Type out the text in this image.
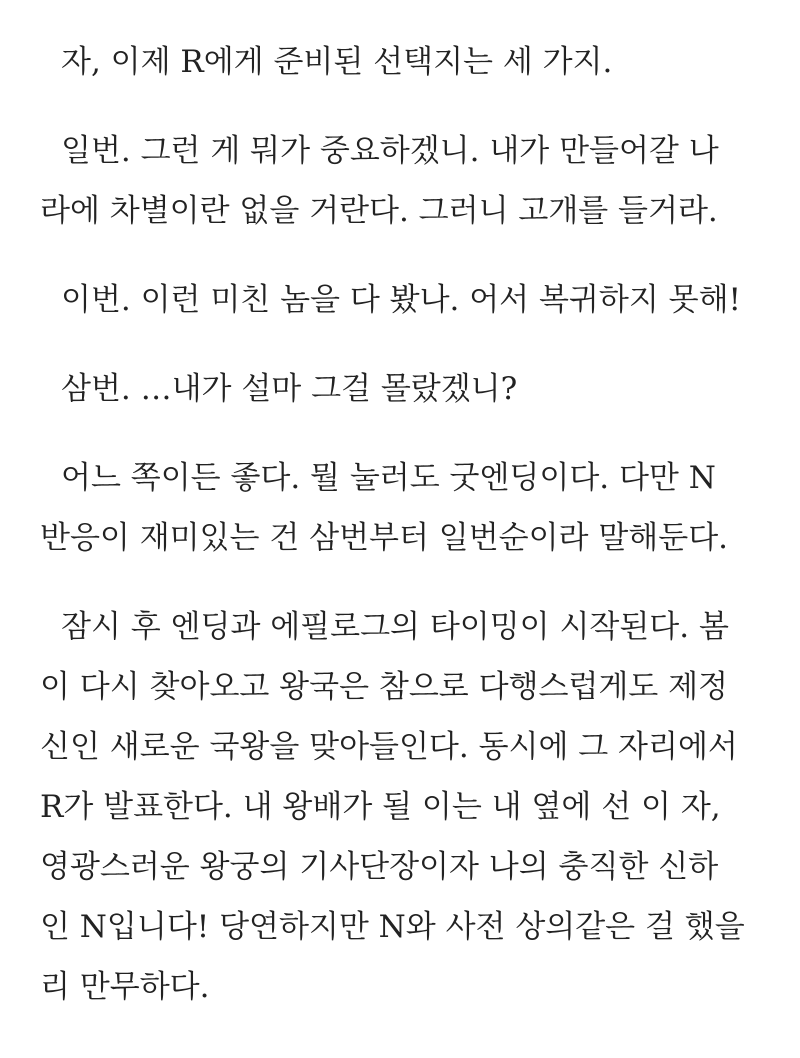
자, 이제 R에게 준비된 선택지는 세 가지.

일번. 그런 게 뭐가 중요하겠니. 내가 만들어갈 나
라에 차별이란 없을 거란다. 그러니 고개를 들거라.

이번. 이런 미친 놈을 다 봤나. 어서 복귀하지 못해!

삼번. …내가 설마 그걸 몰랐겠니?

어느 쪽이든 좋다. 뭘 눌러도 굿엔딩이다. 다만 N
반응이 재미있는 건 삼번부터 일번순이라 말해둔다.

잠시 후 엔딩과 에필로그의 타이밍이 시작된다. 봄
이 다시 찾아오고 왕국은 참으로 다행스럽게도 제정
신인 새로운 국왕을 맞아들인다. 동시에 그 자리에서
R가 발표한다. 내 왕배가 될 이는 내 옆에 선 이 자,
영광스러운 왕궁의 기사단장이자 나의 충직한 신하
인 N입니다! 당연하지만 N와 사전 상의같은 걸 했을
리 만무하다.
